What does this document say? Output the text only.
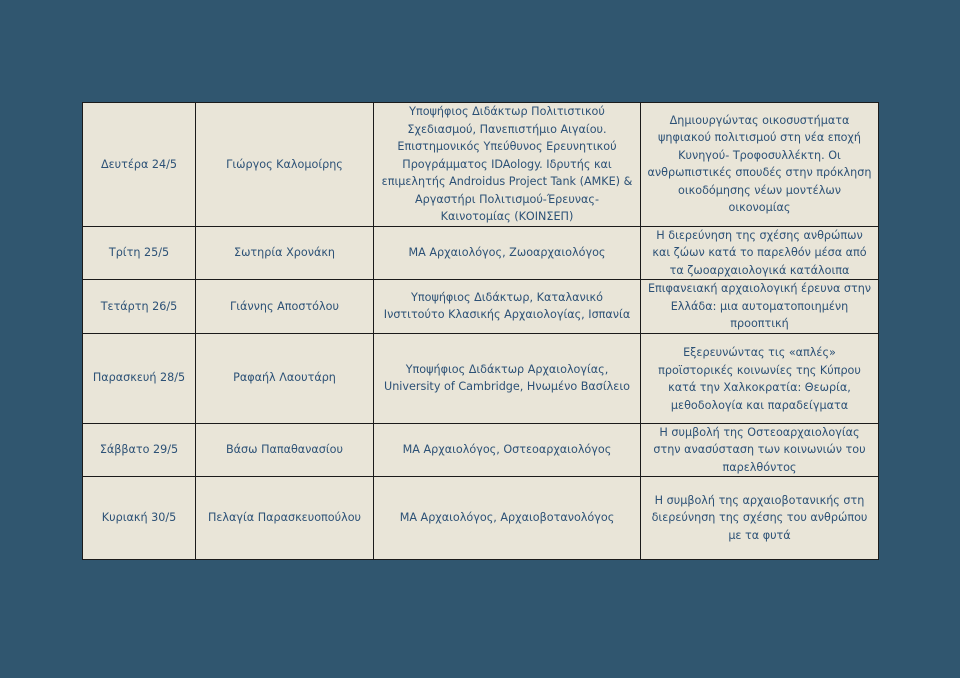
Δευτέρα 24/5	Γιώργος Καλομοίρης	Υποψήφιος Διδάκτωρ Πολιτιστικού Σχεδιασμού, Πανεπιστήμιο Αιγαίου. Επιστημονικός Υπεύθυνος Ερευνητικού Προγράμματος IDAology. Ιδρυτής και επιμελητής Androidus Project Tank (ΑΜΚΕ) & Αργαστήρι Πολιτισμού-Έρευνας-Καινοτομίας (ΚΟΙΝΣΕΠ)	Δημιουργώντας οικοσυστήματα ψηφιακού πολιτισμού στη νέα εποχή Κυνηγού- Τροφοσυλλέκτη. Οι ανθρωπιστικές σπουδές στην πρόκληση οικοδόμησης νέων μοντέλων οικονομίας
Τρίτη 25/5	Σωτηρία Χρονάκη	MA Αρχαιολόγος, Ζωοαρχαιολόγος	Η διερεύνηση της σχέσης ανθρώπων και ζώων κατά το παρελθόν μέσα από τα ζωοαρχαιολογικά κατάλοιπα
Τετάρτη 26/5	Γιάννης Αποστόλου	Υποψήφιος Διδάκτωρ, Καταλανικό Ινστιτούτο Κλασικής Αρχαιολογίας, Ισπανία	Επιφανειακή αρχαιολογική έρευνα στην Ελλάδα: μια αυτοματοποιημένη προοπτική
Παρασκευή 28/5	Ραφαήλ Λαουτάρη	Υποψήφιος Διδάκτωρ Αρχαιολογίας, University of Cambridge, Ηνωμένο Βασίλειο	Εξερευνώντας τις «απλές» προϊστορικές κοινωνίες της Κύπρου κατά την Χαλκοκρατία: Θεωρία, μεθοδολογία και παραδείγματα
Σάββατο 29/5	Βάσω Παπαθανασίου	MA Αρχαιολόγος, Οστεοαρχαιολόγος	Η συμβολή της Οστεοαρχαιολογίας στην ανασύσταση των κοινωνιών του παρελθόντος
Κυριακή 30/5	Πελαγία Παρασκευοπούλου	MA Αρχαιολόγος, Αρχαιοβοτανολόγος	Η συμβολή της αρχαιοβοτανικής στη διερεύνηση της σχέσης του ανθρώπου με τα φυτά
